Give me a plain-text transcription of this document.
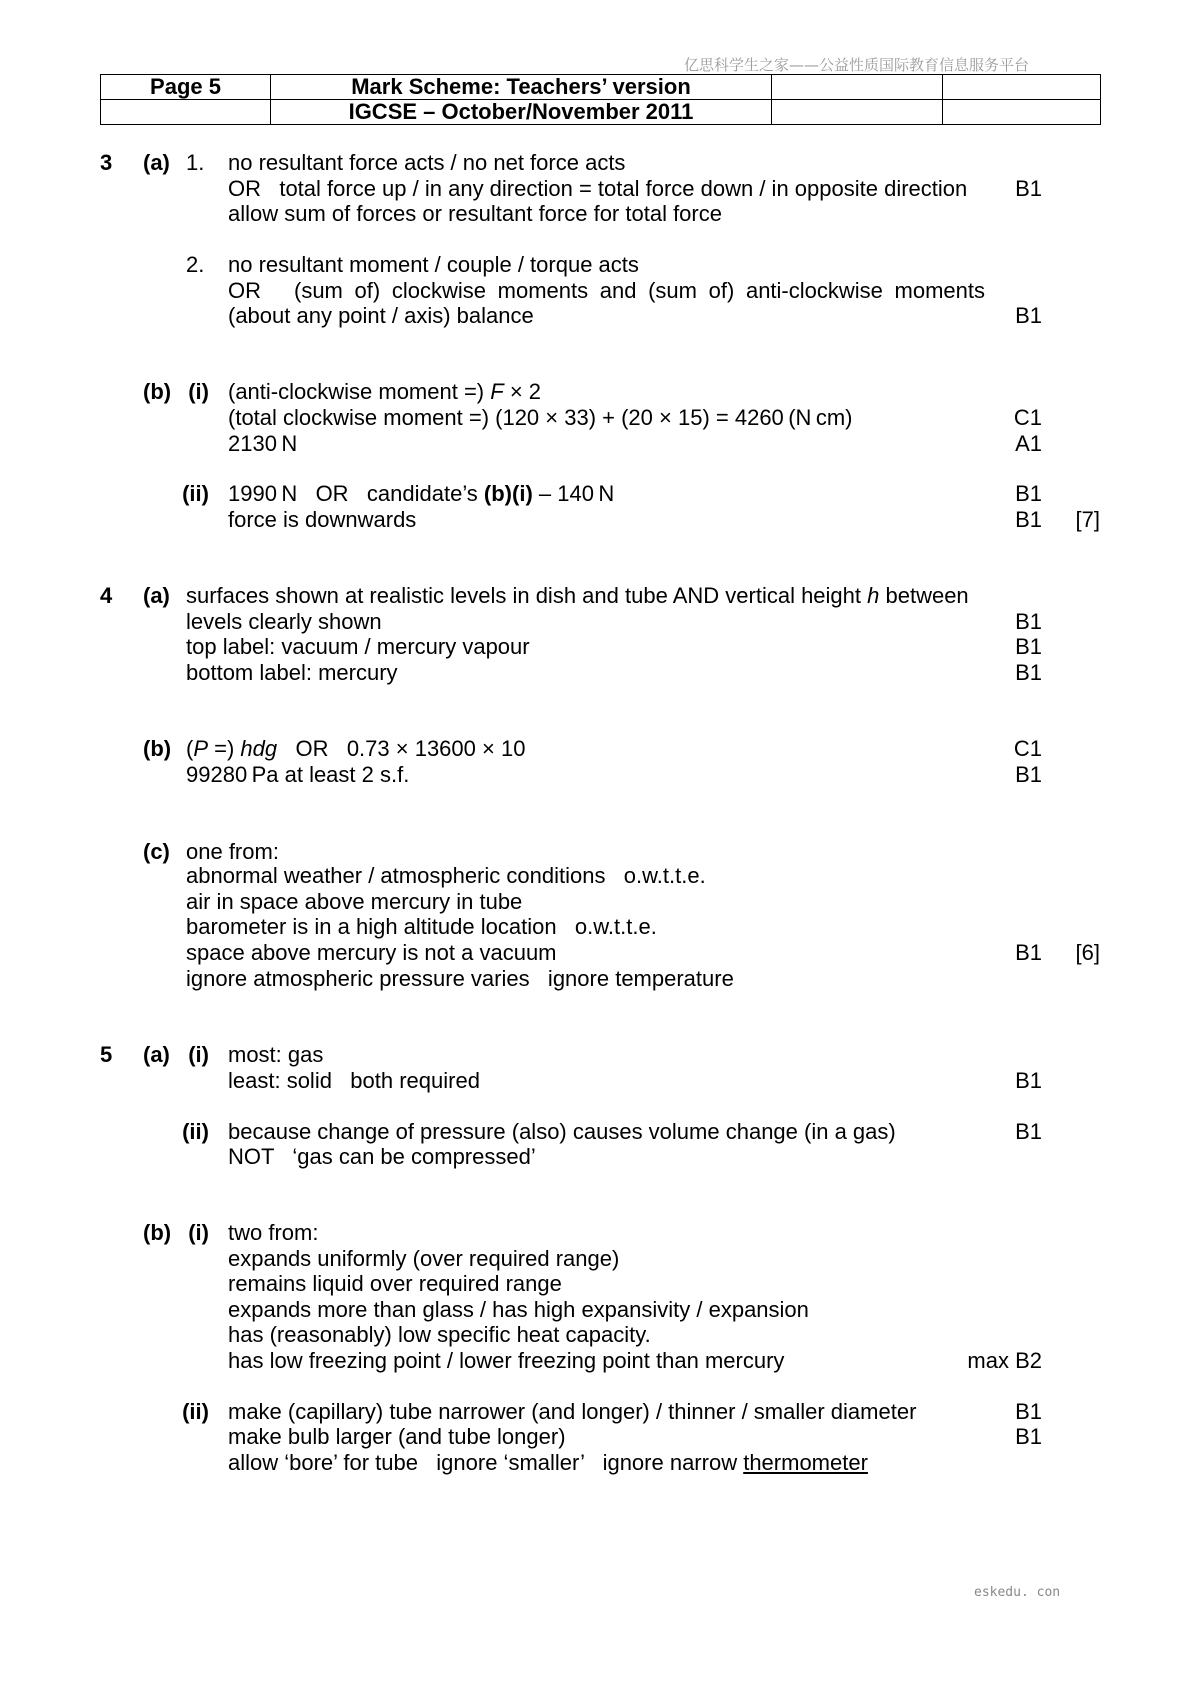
亿思科学生之家——公益性质国际教育信息服务平台
Page 5	Mark Scheme: Teachers’ version		
	IGCSE – October/November 2011		
3 (a) 1. no resultant force acts / no net force acts
OR   total force up / in any direction = total force down / in opposite direction B1
allow sum of forces or resultant force for total force
2. no resultant moment / couple / torque acts
OR (sum of) clockwise moments and (sum of) anti-clockwise moments
(about any point / axis) balance	B1
(b) (i) (anti-clockwise moment =) F × 2
(total clockwise moment =) (120 × 33) + (20 × 15) = 4260 (N cm)	C1
2130 N	A1
(ii) 1990 N   OR   candidate’s (b)(i) – 140 N	B1
force is downwards	B1 [7]
4 (a) surfaces shown at realistic levels in dish and tube AND vertical height h between
levels clearly shown	B1
top label: vacuum / mercury vapour	B1
bottom label: mercury	B1
(b) (P =) hdg   OR   0.73 × 13600 × 10	C1
99280 Pa at least 2 s.f.	B1
(c) one from:
abnormal weather / atmospheric conditions   o.w.t.t.e.
air in space above mercury in tube
barometer is in a high altitude location   o.w.t.t.e.
space above mercury is not a vacuum	B1 [6]
ignore atmospheric pressure varies   ignore temperature
5 (a) (i) most: gas
least: solid   both required	B1
(ii) because change of pressure (also) causes volume change (in a gas)	B1
NOT   ‘gas can be compressed’
(b) (i) two from:
expands uniformly (over required range)
remains liquid over required range
expands more than glass / has high expansivity / expansion
has (reasonably) low specific heat capacity.
has low freezing point / lower freezing point than mercury	max B2
(ii) make (capillary) tube narrower (and longer) / thinner / smaller diameter	B1
make bulb larger (and tube longer)	B1
allow ‘bore’ for tube   ignore ‘smaller’   ignore narrow thermometer
eskedu. con
